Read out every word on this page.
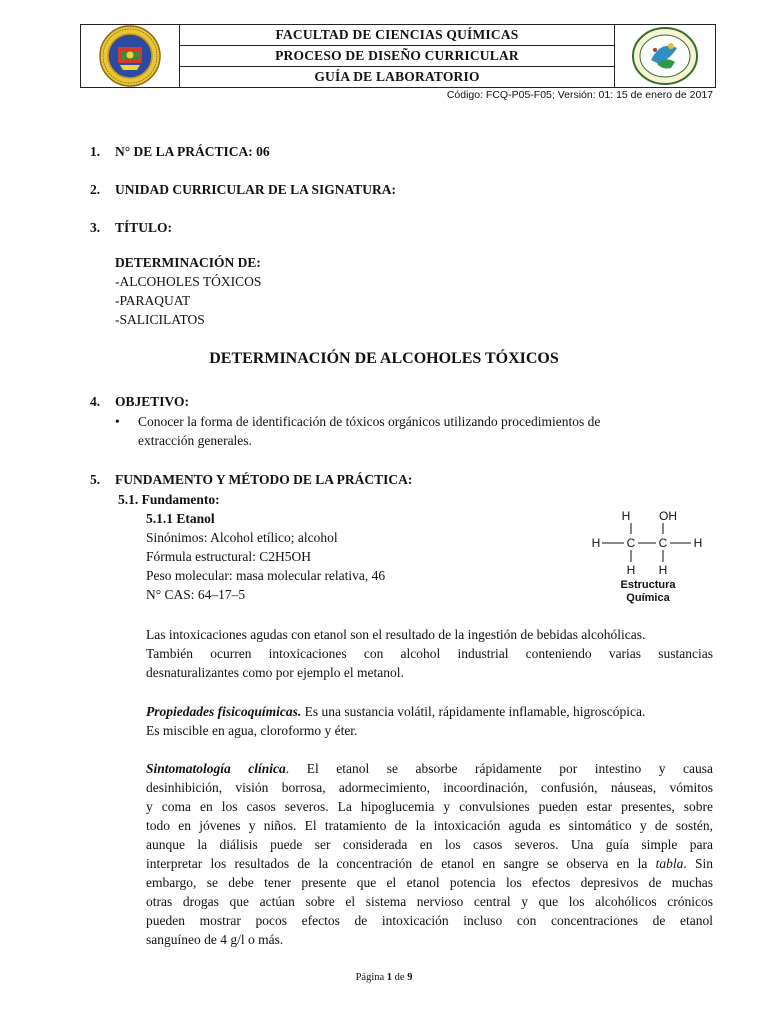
FACULTAD DE CIENCIAS QUÍMICAS
PROCESO DE DISEÑO CURRICULAR
GUÍA DE LABORATORIO
Código: FCQ-P05-F05; Versión: 01: 15 de enero de 2017
1. N° DE LA PRÁCTICA: 06
2. UNIDAD CURRICULAR DE LA SIGNATURA:
3. TÍTULO:
DETERMINACIÓN DE:
-ALCOHOLES TÓXICOS
-PARAQUAT
-SALICILATOS
DETERMINACIÓN DE ALCOHOLES TÓXICOS
4. OBJETIVO:
• Conocer la forma de identificación de tóxicos orgánicos utilizando procedimientos de
extracción generales.
5. FUNDAMENTO Y MÉTODO DE LA PRÁCTICA:
5.1. Fundamento:
5.1.1 Etanol
Sinónimos: Alcohol etílico; alcohol
Fórmula estructural: C2H5OH
Peso molecular: masa molecular relativa, 46
N° CAS: 64–17–5
H OH
H C C H
H H
Estructura
Química
Las intoxicaciones agudas con etanol son el resultado de la ingestión de bebidas alcohólicas.
También ocurren intoxicaciones con alcohol industrial conteniendo varias sustancias
desnaturalizantes como por ejemplo el metanol.
Propiedades fisicoquímicas. Es una sustancia volátil, rápidamente inflamable, higroscópica.
Es miscible en agua, cloroformo y éter.
Sintomatología clínica. El etanol se absorbe rápidamente por intestino y causa
desinhibición, visión borrosa, adormecimiento, incoordinación, confusión, náuseas, vómitos
y coma en los casos severos. La hipoglucemia y convulsiones pueden estar presentes, sobre
todo en jóvenes y niños. El tratamiento de la intoxicación aguda es sintomático y de sostén,
aunque la diálisis puede ser considerada en los casos severos. Una guía simple para
interpretar los resultados de la concentración de etanol en sangre se observa en la tabla. Sin
embargo, se debe tener presente que el etanol potencia los efectos depresivos de muchas
otras drogas que actúan sobre el sistema nervioso central y que los alcohólicos crónicos
pueden mostrar pocos efectos de intoxicación incluso con concentraciones de etanol
sanguíneo de 4 g/l o más.
Página 1 de 9
